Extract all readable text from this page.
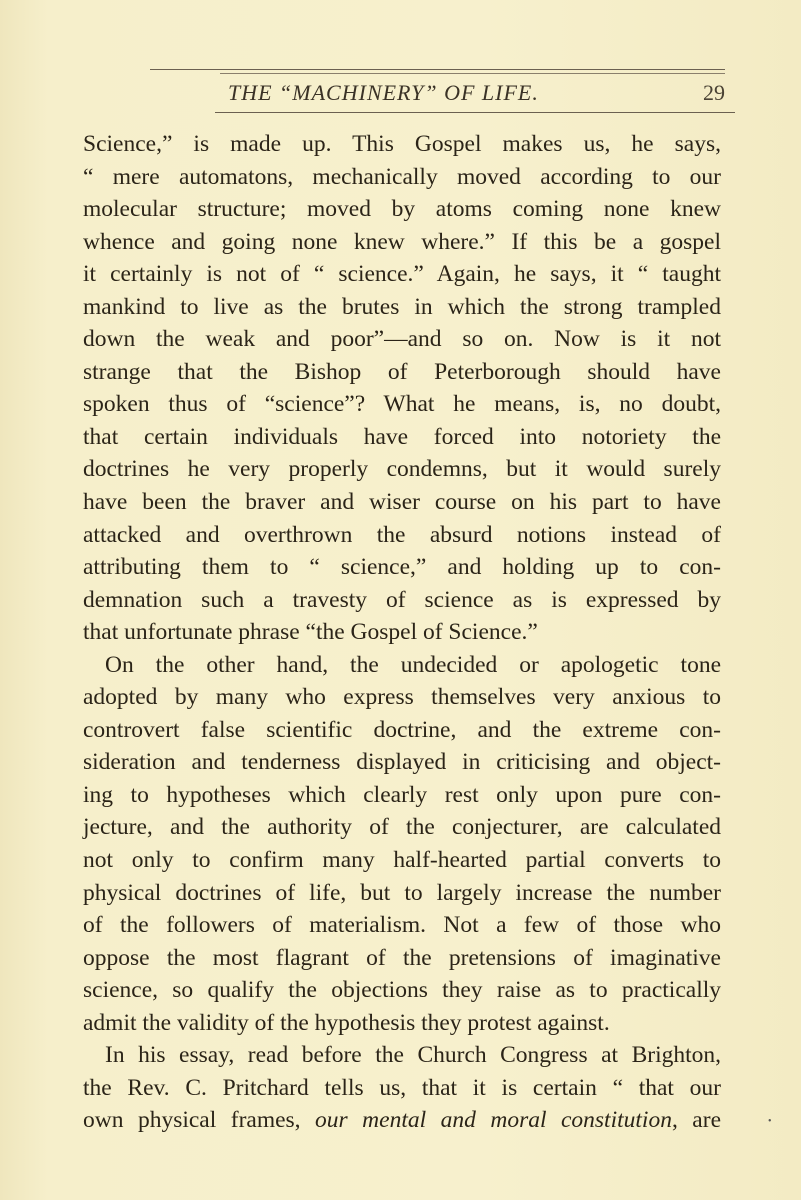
THE “MACHINERY” OF LIFE.	29
Science,” is made up. This Gospel makes us, he says,
“ mere automatons, mechanically moved according to our
molecular structure; moved by atoms coming none knew
whence and going none knew where.” If this be a gospel
it certainly is not of “ science.” Again, he says, it “ taught
mankind to live as the brutes in which the strong trampled
down the weak and poor”—and so on. Now is it not
strange that the Bishop of Peterborough should have
spoken thus of “science”? What he means, is, no doubt,
that certain individuals have forced into notoriety the
doctrines he very properly condemns, but it would surely
have been the braver and wiser course on his part to have
attacked and overthrown the absurd notions instead of
attributing them to “ science,” and holding up to con-
demnation such a travesty of science as is expressed by
that unfortunate phrase “the Gospel of Science.”
On the other hand, the undecided or apologetic tone
adopted by many who express themselves very anxious to
controvert false scientific doctrine, and the extreme con-
sideration and tenderness displayed in criticising and object-
ing to hypotheses which clearly rest only upon pure con-
jecture, and the authority of the conjecturer, are calculated
not only to confirm many half-hearted partial converts to
physical doctrines of life, but to largely increase the number
of the followers of materialism. Not a few of those who
oppose the most flagrant of the pretensions of imaginative
science, so qualify the objections they raise as to practically
admit the validity of the hypothesis they protest against.
In his essay, read before the Church Congress at Brighton,
the Rev. C. Pritchard tells us, that it is certain “ that our
own physical frames, our mental and moral constitution, are	•
